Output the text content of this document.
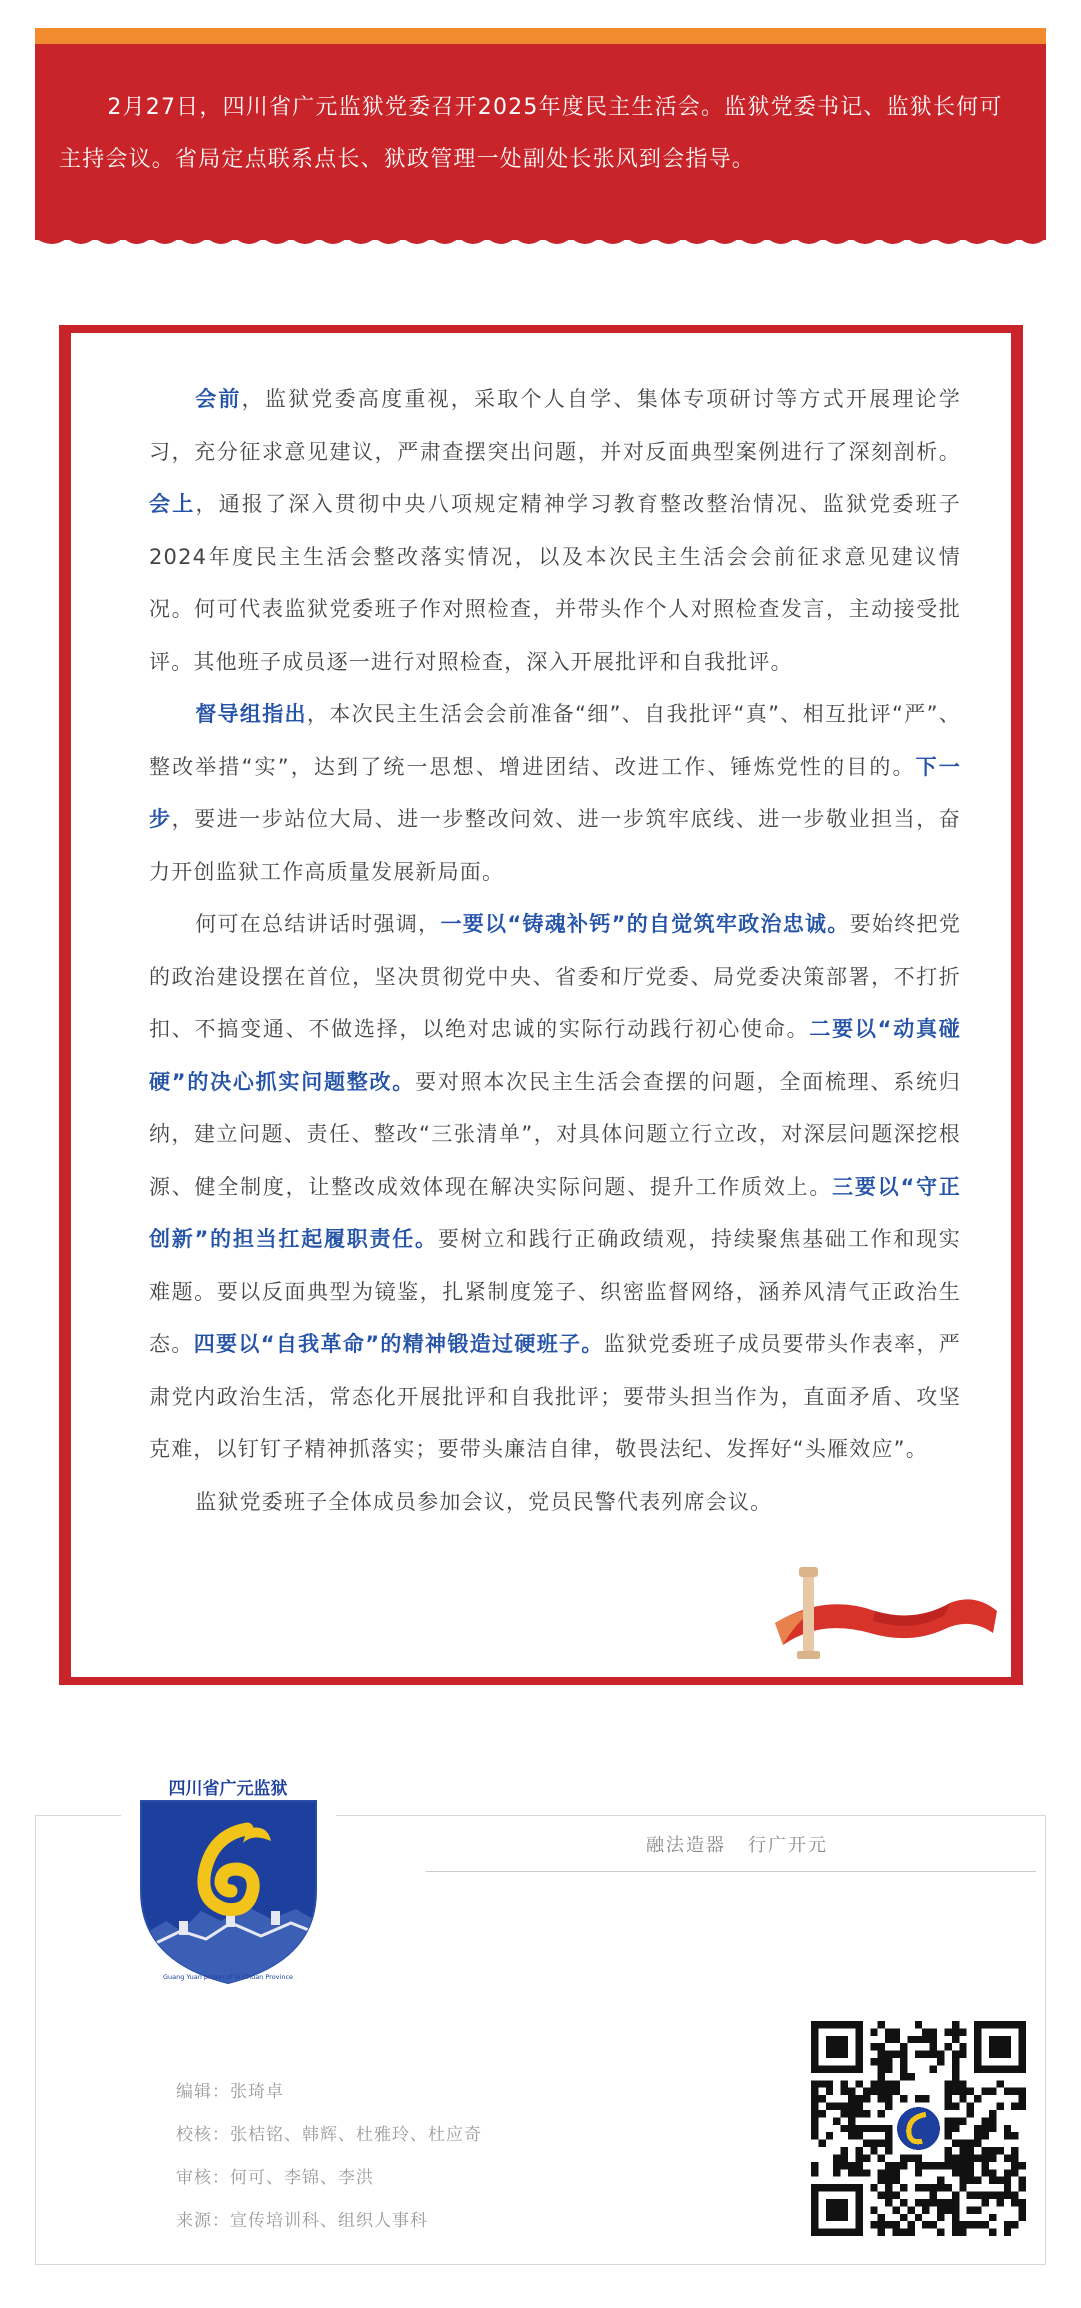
2月27日，四川省广元监狱党委召开2025年度民主生活会。监狱党委书记、监狱长何可主持会议。省局定点联系点长、狱政管理一处副处长张风到会指导。

会前，监狱党委高度重视，采取个人自学、集体专项研讨等方式开展理论学习，充分征求意见建议，严肃查摆突出问题，并对反面典型案例进行了深刻剖析。会上，通报了深入贯彻中央八项规定精神学习教育整改整治情况、监狱党委班子2024年度民主生活会整改落实情况，以及本次民主生活会会前征求意见建议情况。何可代表监狱党委班子作对照检查，并带头作个人对照检查发言，主动接受批评。其他班子成员逐一进行对照检查，深入开展批评和自我批评。

督导组指出，本次民主生活会会前准备“细”、自我批评“真”、相互批评“严”、整改举措“实”，达到了统一思想、增进团结、改进工作、锤炼党性的目的。下一步，要进一步站位大局、进一步整改问效、进一步筑牢底线、进一步敬业担当，奋力开创监狱工作高质量发展新局面。

何可在总结讲话时强调，一要以“铸魂补钙”的自觉筑牢政治忠诚。要始终把党的政治建设摆在首位，坚决贯彻党中央、省委和厅党委、局党委决策部署，不打折扣、不搞变通、不做选择，以绝对忠诚的实际行动践行初心使命。二要以“动真碰硬”的决心抓实问题整改。要对照本次民主生活会查摆的问题，全面梳理、系统归纳，建立问题、责任、整改“三张清单”，对具体问题立行立改，对深层问题深挖根源、健全制度，让整改成效体现在解决实际问题、提升工作质效上。三要以“守正创新”的担当扛起履职责任。要树立和践行正确政绩观，持续聚焦基础工作和现实难题。要以反面典型为镜鉴，扎紧制度笼子、织密监督网络，涵养风清气正政治生态。四要以“自我革命”的精神锻造过硬班子。监狱党委班子成员要带头作表率，严肃党内政治生活，常态化开展批评和自我批评；要带头担当作为，直面矛盾、攻坚克难，以钉钉子精神抓落实；要带头廉洁自律，敬畏法纪、发挥好“头雁效应”。

监狱党委班子全体成员参加会议，党员民警代表列席会议。

四川省广元监狱
Guang Yuan prison of Si Chuan Province
融法造器 行广开元
编辑：张琦卓
校核：张桔铭、韩辉、杜雅玲、杜应奇
审核：何可、李锦、李洪
来源：宣传培训科、组织人事科
